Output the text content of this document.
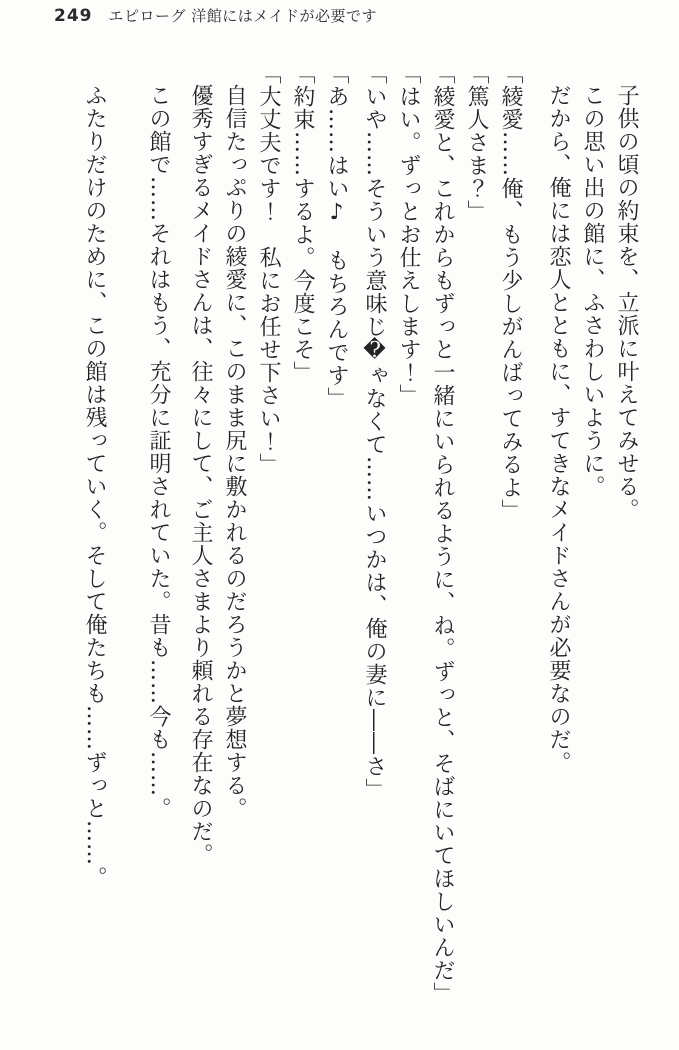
249 エピローグ 洋館にはメイドが必要です

子供の頃の約束を、立派に叶えてみせる。

この思い出の館に、ふさわしいように。

だから、俺には恋人とともに、すてきなメイドさんが必要なのだ。

「綾愛……俺、もう少しがんばってみるよ」

「篤人さま？」

「綾愛と、これからもずっと一緒にいられるように、ね。ずっと、そばにいてほしいんだ」

「はい。ずっとお仕えします！」

「いや……そういう意味じ�ゃなくて……いつかは、俺の妻に――さ」

「あ……はい♪　もちろんです」

「約束……するよ。今度こそ」

「大丈夫です！　私にお任せ下さい！」

自信たっぷりの綾愛に、このまま尻に敷かれるのだろうかと夢想する。

優秀すぎるメイドさんは、往々にして、ご主人さまより頼れる存在なのだ。

この館で……それはもう、充分に証明されていた。昔も……今も……。

ふたりだけのために、この館は残っていく。そして俺たちも……ずっと……。
